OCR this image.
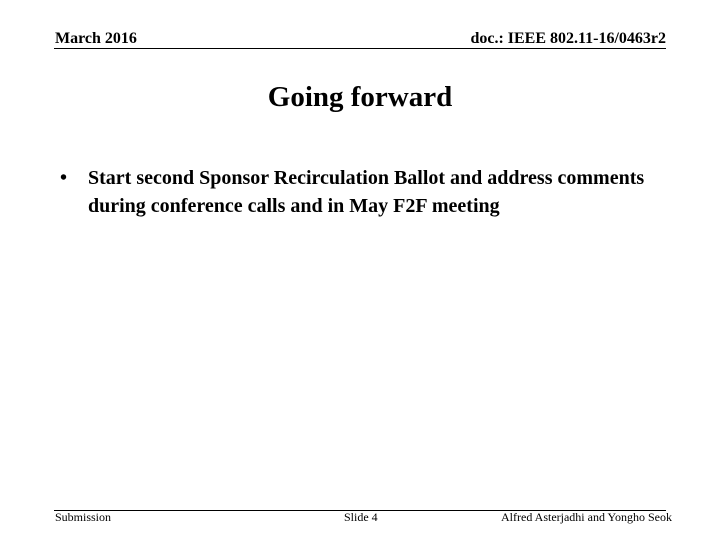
March 2016	doc.: IEEE 802.11-16/0463r2
Going forward
•	Start second Sponsor Recirculation Ballot and address comments during conference calls and in May F2F meeting
Submission	Slide 4	Alfred Asterjadhi and Yongho Seok
